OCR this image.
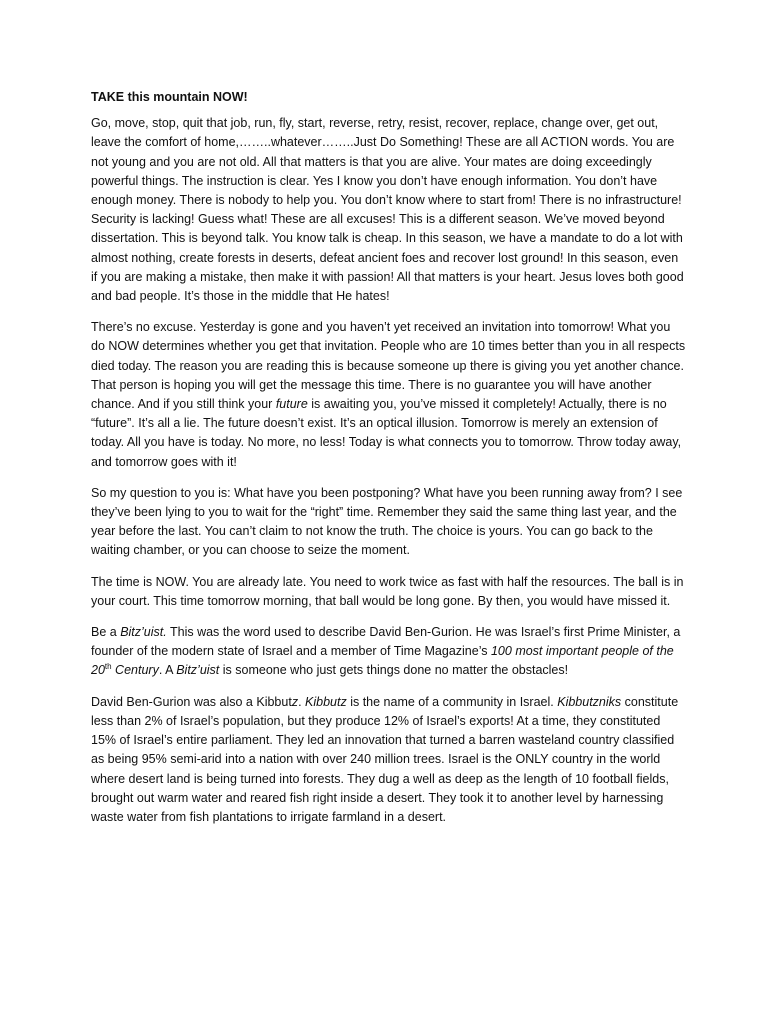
TAKE this mountain NOW!

Go, move, stop, quit that job, run, fly, start, reverse, retry, resist, recover, replace, change over, get out, leave the comfort of home,……..whatever……..Just Do Something! These are all ACTION words. You are not young and you are not old. All that matters is that you are alive. Your mates are doing exceedingly powerful things. The instruction is clear. Yes I know you don’t have enough information. You don’t have enough money. There is nobody to help you. You don’t know where to start from! There is no infrastructure! Security is lacking! Guess what! These are all excuses! This is a different season. We’ve moved beyond dissertation. This is beyond talk. You know talk is cheap. In this season, we have a mandate to do a lot with almost nothing, create forests in deserts, defeat ancient foes and recover lost ground! In this season, even if you are making a mistake, then make it with passion! All that matters is your heart. Jesus loves both good and bad people. It’s those in the middle that He hates!

There’s no excuse. Yesterday is gone and you haven’t yet received an invitation into tomorrow! What you do NOW determines whether you get that invitation. People who are 10 times better than you in all respects died today. The reason you are reading this is because someone up there is giving you yet another chance. That person is hoping you will get the message this time. There is no guarantee you will have another chance. And if you still think your future is awaiting you, you’ve missed it completely! Actually, there is no “future”. It’s all a lie. The future doesn’t exist. It’s an optical illusion. Tomorrow is merely an extension of today. All you have is today. No more, no less! Today is what connects you to tomorrow. Throw today away, and tomorrow goes with it!

So my question to you is: What have you been postponing? What have you been running away from? I see they’ve been lying to you to wait for the “right” time. Remember they said the same thing last year, and the year before the last. You can’t claim to not know the truth. The choice is yours. You can go back to the waiting chamber, or you can choose to seize the moment.

The time is NOW. You are already late. You need to work twice as fast with half the resources. The ball is in your court. This time tomorrow morning, that ball would be long gone. By then, you would have missed it.

Be a Bitz’uist. This was the word used to describe David Ben-Gurion. He was Israel’s first Prime Minister, a founder of the modern state of Israel and a member of Time Magazine’s 100 most important people of the 20th Century. A Bitz’uist is someone who just gets things done no matter the obstacles!

David Ben-Gurion was also a Kibbutz. Kibbutz is the name of a community in Israel. Kibbutzniks constitute less than 2% of Israel’s population, but they produce 12% of Israel’s exports! At a time, they constituted 15% of Israel’s entire parliament. They led an innovation that turned a barren wasteland country classified as being 95% semi-arid into a nation with over 240 million trees. Israel is the ONLY country in the world where desert land is being turned into forests. They dug a well as deep as the length of 10 football fields, brought out warm water and reared fish right inside a desert. They took it to another level by harnessing waste water from fish plantations to irrigate farmland in a desert.
